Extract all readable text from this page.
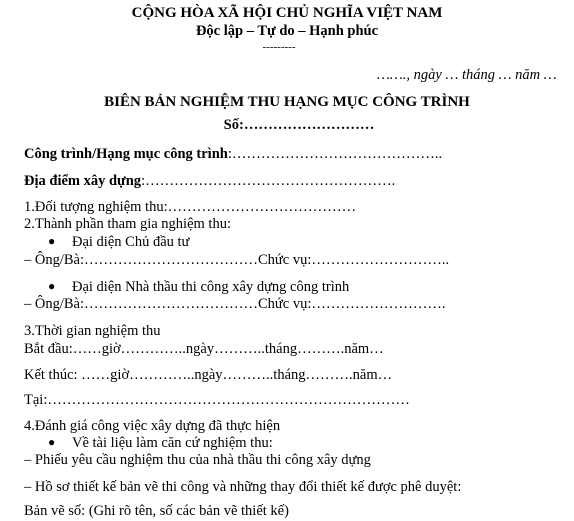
CỘNG HÒA XÃ HỘI CHỦ NGHĨA VIỆT NAM
Độc lập – Tự do – Hạnh phúc
---------
……., ngày … tháng … năm …
BIÊN BẢN NGHIỆM THU HẠNG MỤC CÔNG TRÌNH
Số:………………………
Công trình/Hạng mục công trình:……………………………………..
Địa điểm xây dựng:…………………………………………….
1.Đối tượng nghiệm thu:…………………………………
2.Thành phần tham gia nghiệm thu:
● Đại diện Chủ đầu tư
– Ông/Bà:………………………………Chức vụ:………………………..
● Đại diện Nhà thầu thi công xây dựng công trình
– Ông/Bà:………………………………Chức vụ:……………………….
3.Thời gian nghiệm thu
Bắt đầu:……giờ…………..ngày………..tháng……….năm…
Kết thúc: ……giờ…………..ngày………..tháng……….năm…
Tại:…………………………………………………………………
4.Đánh giá công việc xây dựng đã thực hiện
● Về tài liệu làm căn cứ nghiệm thu:
– Phiếu yêu cầu nghiệm thu của nhà thầu thi công xây dựng
– Hồ sơ thiết kế bản vẽ thi công và những thay đổi thiết kế được phê duyệt:
Bản vẽ số: (Ghi rõ tên, số các bản vẽ thiết kế)
